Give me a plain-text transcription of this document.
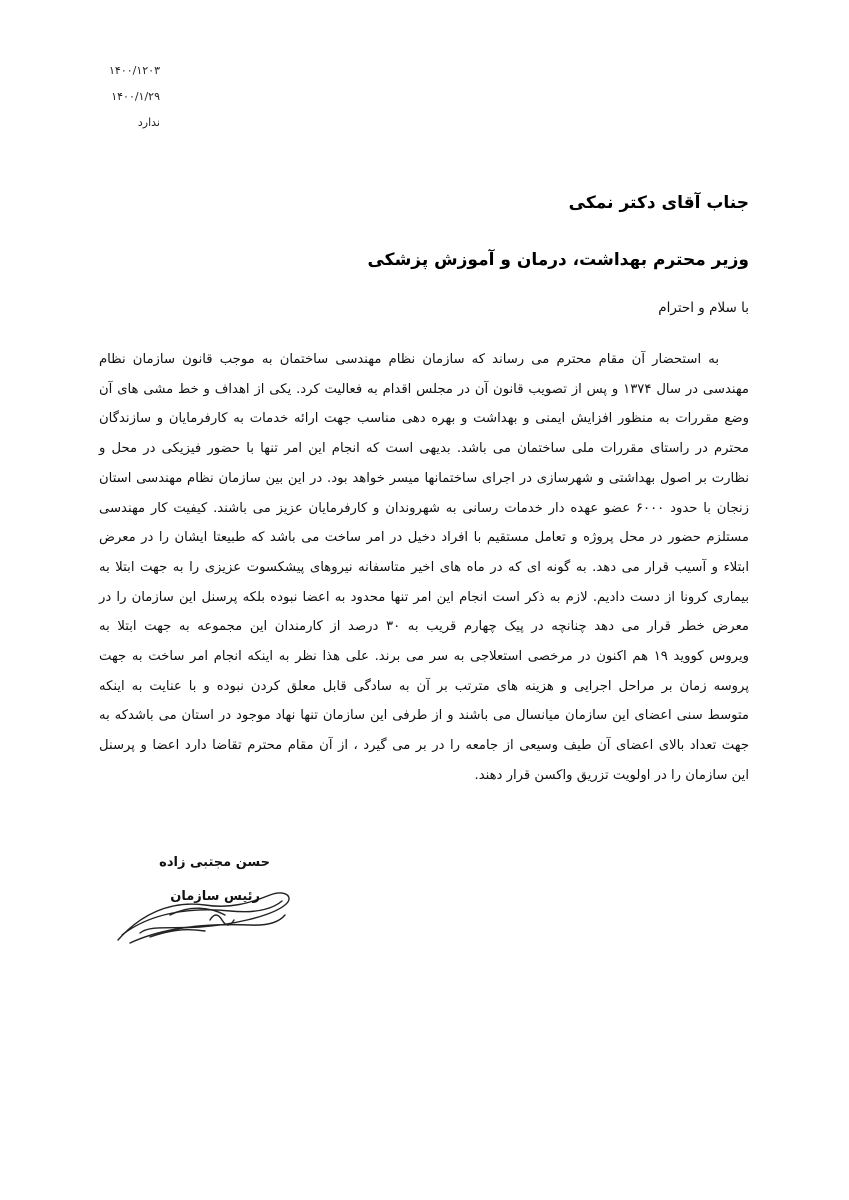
۱۴۰۰/۱۲۰۳
۱۴۰۰/۱/۲۹
ندارد
جناب آقای دکتر نمکی
وزیر محترم بهداشت، درمان و آموزش پزشکی
با سلام و احترام
به استحضار آن مقام محترم می رساند که سازمان نظام مهندسی ساختمان به موجب قانون سازمان نظام
مهندسی در سال ۱۳۷۴ و پس از تصویب قانون آن در مجلس اقدام به فعالیت کرد. یکی از اهداف و خط مشی های آن
وضع مقررات به منظور افزایش ایمنی و بهداشت و بهره دهی مناسب جهت ارائه خدمات به کارفرمایان و سازندگان
محترم در راستای مقررات ملی ساختمان می باشد. بدیهی است که انجام این امر تنها با حضور فیزیکی در محل و
نظارت بر اصول بهداشتی و شهرسازی در اجرای ساختمانها میسر خواهد بود. در این بین سازمان نظام مهندسی استان
زنجان با حدود ۶۰۰۰ عضو عهده دار خدمات رسانی به شهروندان و کارفرمایان عزیز می باشند. کیفیت کار مهندسی
مستلزم حضور در محل پروژه و تعامل مستقیم با افراد دخیل در امر ساخت می باشد که طبیعتا ایشان را در معرض
ابتلاء و آسیب قرار می دهد. به گونه ای که در ماه های اخیر متاسفانه نیروهای پیشکسوت عزیزی را به جهت ابتلا به
بیماری کرونا از دست دادیم. لازم به ذکر است انجام این امر تنها محدود به اعضا نبوده بلکه پرسنل این سازمان را در
معرض خطر قرار می دهد چنانچه در پیک چهارم قریب به ۳۰ درصد از کارمندان این مجموعه به جهت ابتلا به
ویروس کووید ۱۹ هم اکنون در مرخصی استعلاجی به سر می برند. علی هذا نظر به اینکه انجام امر ساخت به جهت
پروسه زمان بر مراحل اجرایی و هزینه های مترتب بر آن به سادگی قابل معلق کردن نبوده و با عنایت به اینکه
متوسط سنی اعضای این سازمان میانسال می باشند و از طرفی این سازمان تنها نهاد موجود در استان می باشدکه به
جهت تعداد بالای اعضای آن طیف وسیعی از جامعه را در بر می گیرد ، از آن مقام محترم تقاضا دارد اعضا و پرسنل
این سازمان را در اولویت تزریق واکسن قرار دهند.
حسن مجتبی زاده
رئیس سازمان
